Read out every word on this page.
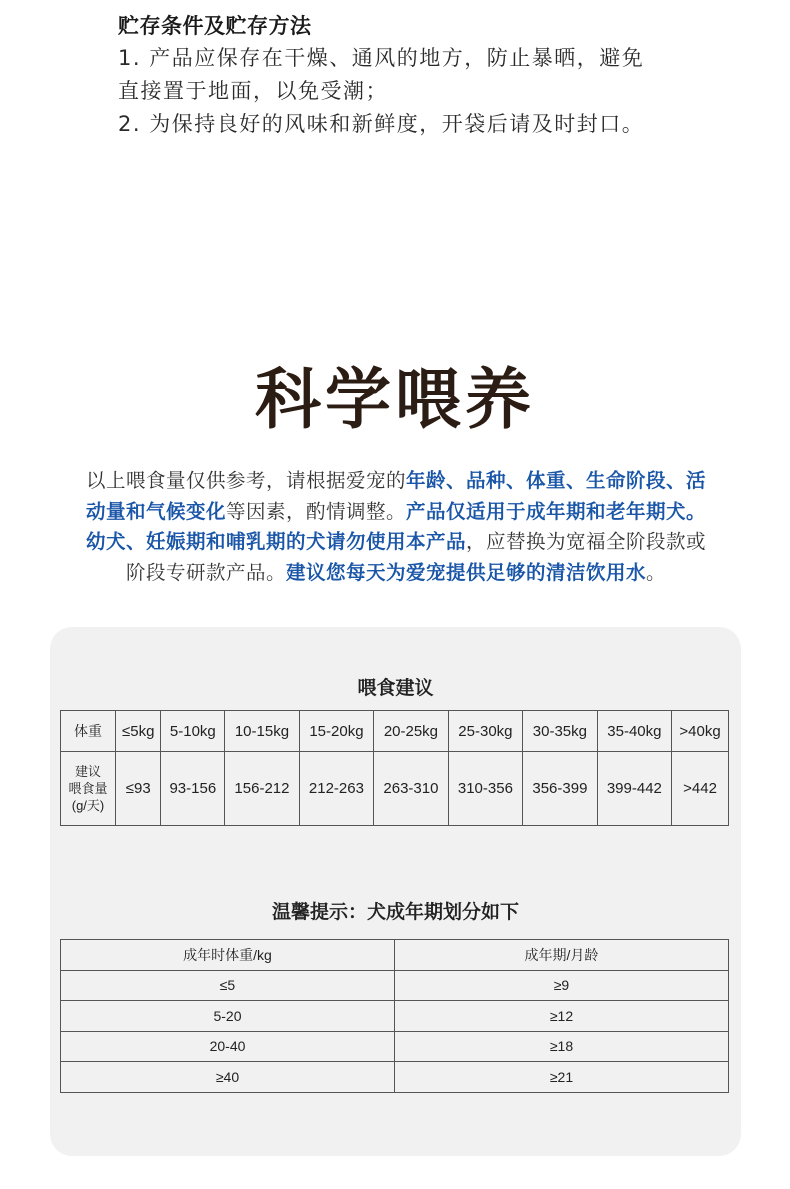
贮存条件及贮存方法
1. 产品应保存在干燥、通风的地方，防止暴晒，避免
直接置于地面，以免受潮；
2. 为保持良好的风味和新鲜度，开袋后请及时封口。
科学喂养
以上喂食量仅供参考，请根据爱宠的年龄、品种、体重、生命阶段、活
动量和气候变化等因素，酌情调整。产品仅适用于成年期和老年期犬。
幼犬、妊娠期和哺乳期的犬请勿使用本产品，应替换为宽福全阶段款或
阶段专研款产品。建议您每天为爱宠提供足够的清洁饮用水。
喂食建议
体重	≤5kg	5-10kg	10-15kg	15-20kg	20-25kg	25-30kg	30-35kg	35-40kg	>40kg

建议
喂食量
(g/天)	≤93	93-156	156-212	212-263	263-310	310-356	356-399	399-442	>442
温馨提示：犬成年期划分如下
成年时体重/kg	成年期/月龄
≤5	≥9
5-20	≥12
20-40	≥18
≥40	≥21
